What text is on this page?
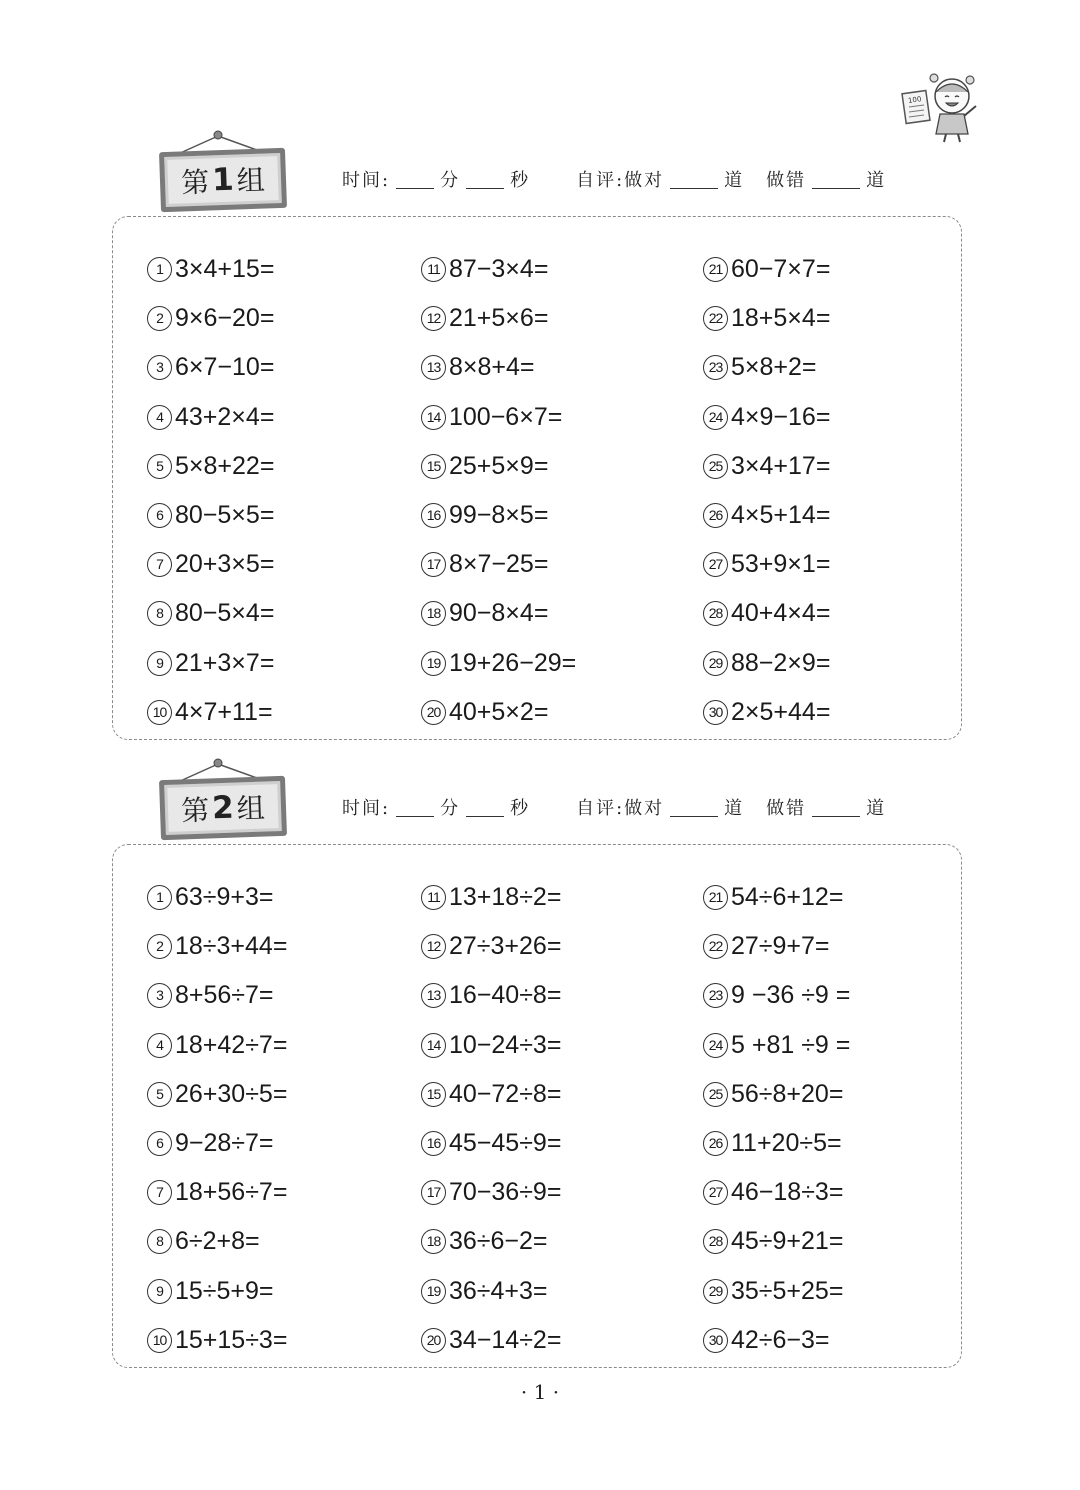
100
第 1 组	时间:	分	秒	自评:做对	道 做错	道
1 3×4+15=
2 9×6−20=
3 6×7−10=
4 43+2×4=
5 5×8+22=
6 80−5×5=
7 20+3×5=
8 80−5×4=
9 21+3×7=
10 4×7+11=
11 87−3×4=
12 21+5×6=
13 8×8+4=
14 100−6×7=
15 25+5×9=
16 99−8×5=
17 8×7−25=
18 90−8×4=
19 19+26−29=
20 40+5×2=
21 60−7×7=
22 18+5×4=
23 5×8+2=
24 4×9−16=
25 3×4+17=
26 4×5+14=
27 53+9×1=
28 40+4×4=
29 88−2×9=
30 2×5+44=
第 2 组	时间:	分	秒	自评:做对	道 做错	道
1 63÷9+3=
2 18÷3+44=
3 8+56÷7=
4 18+42÷7=
5 26+30÷5=
6 9−28÷7=
7 18+56÷7=
8 6÷2+8=
9 15÷5+9=
10 15+15÷3=
11 13+18÷2=
12 27÷3+26=
13 16−40÷8=
14 10−24÷3=
15 40−72÷8=
16 45−45÷9=
17 70−36÷9=
18 36÷6−2=
19 36÷4+3=
20 34−14÷2=
21 54÷6+12=
22 27÷9+7=
23 9 −36 ÷9 =
24 5 +81 ÷9 =
25 56÷8+20=
26 11+20÷5=
27 46−18÷3=
28 45÷9+21=
29 35÷5+25=
30 42÷6−3=
· 1 ·
